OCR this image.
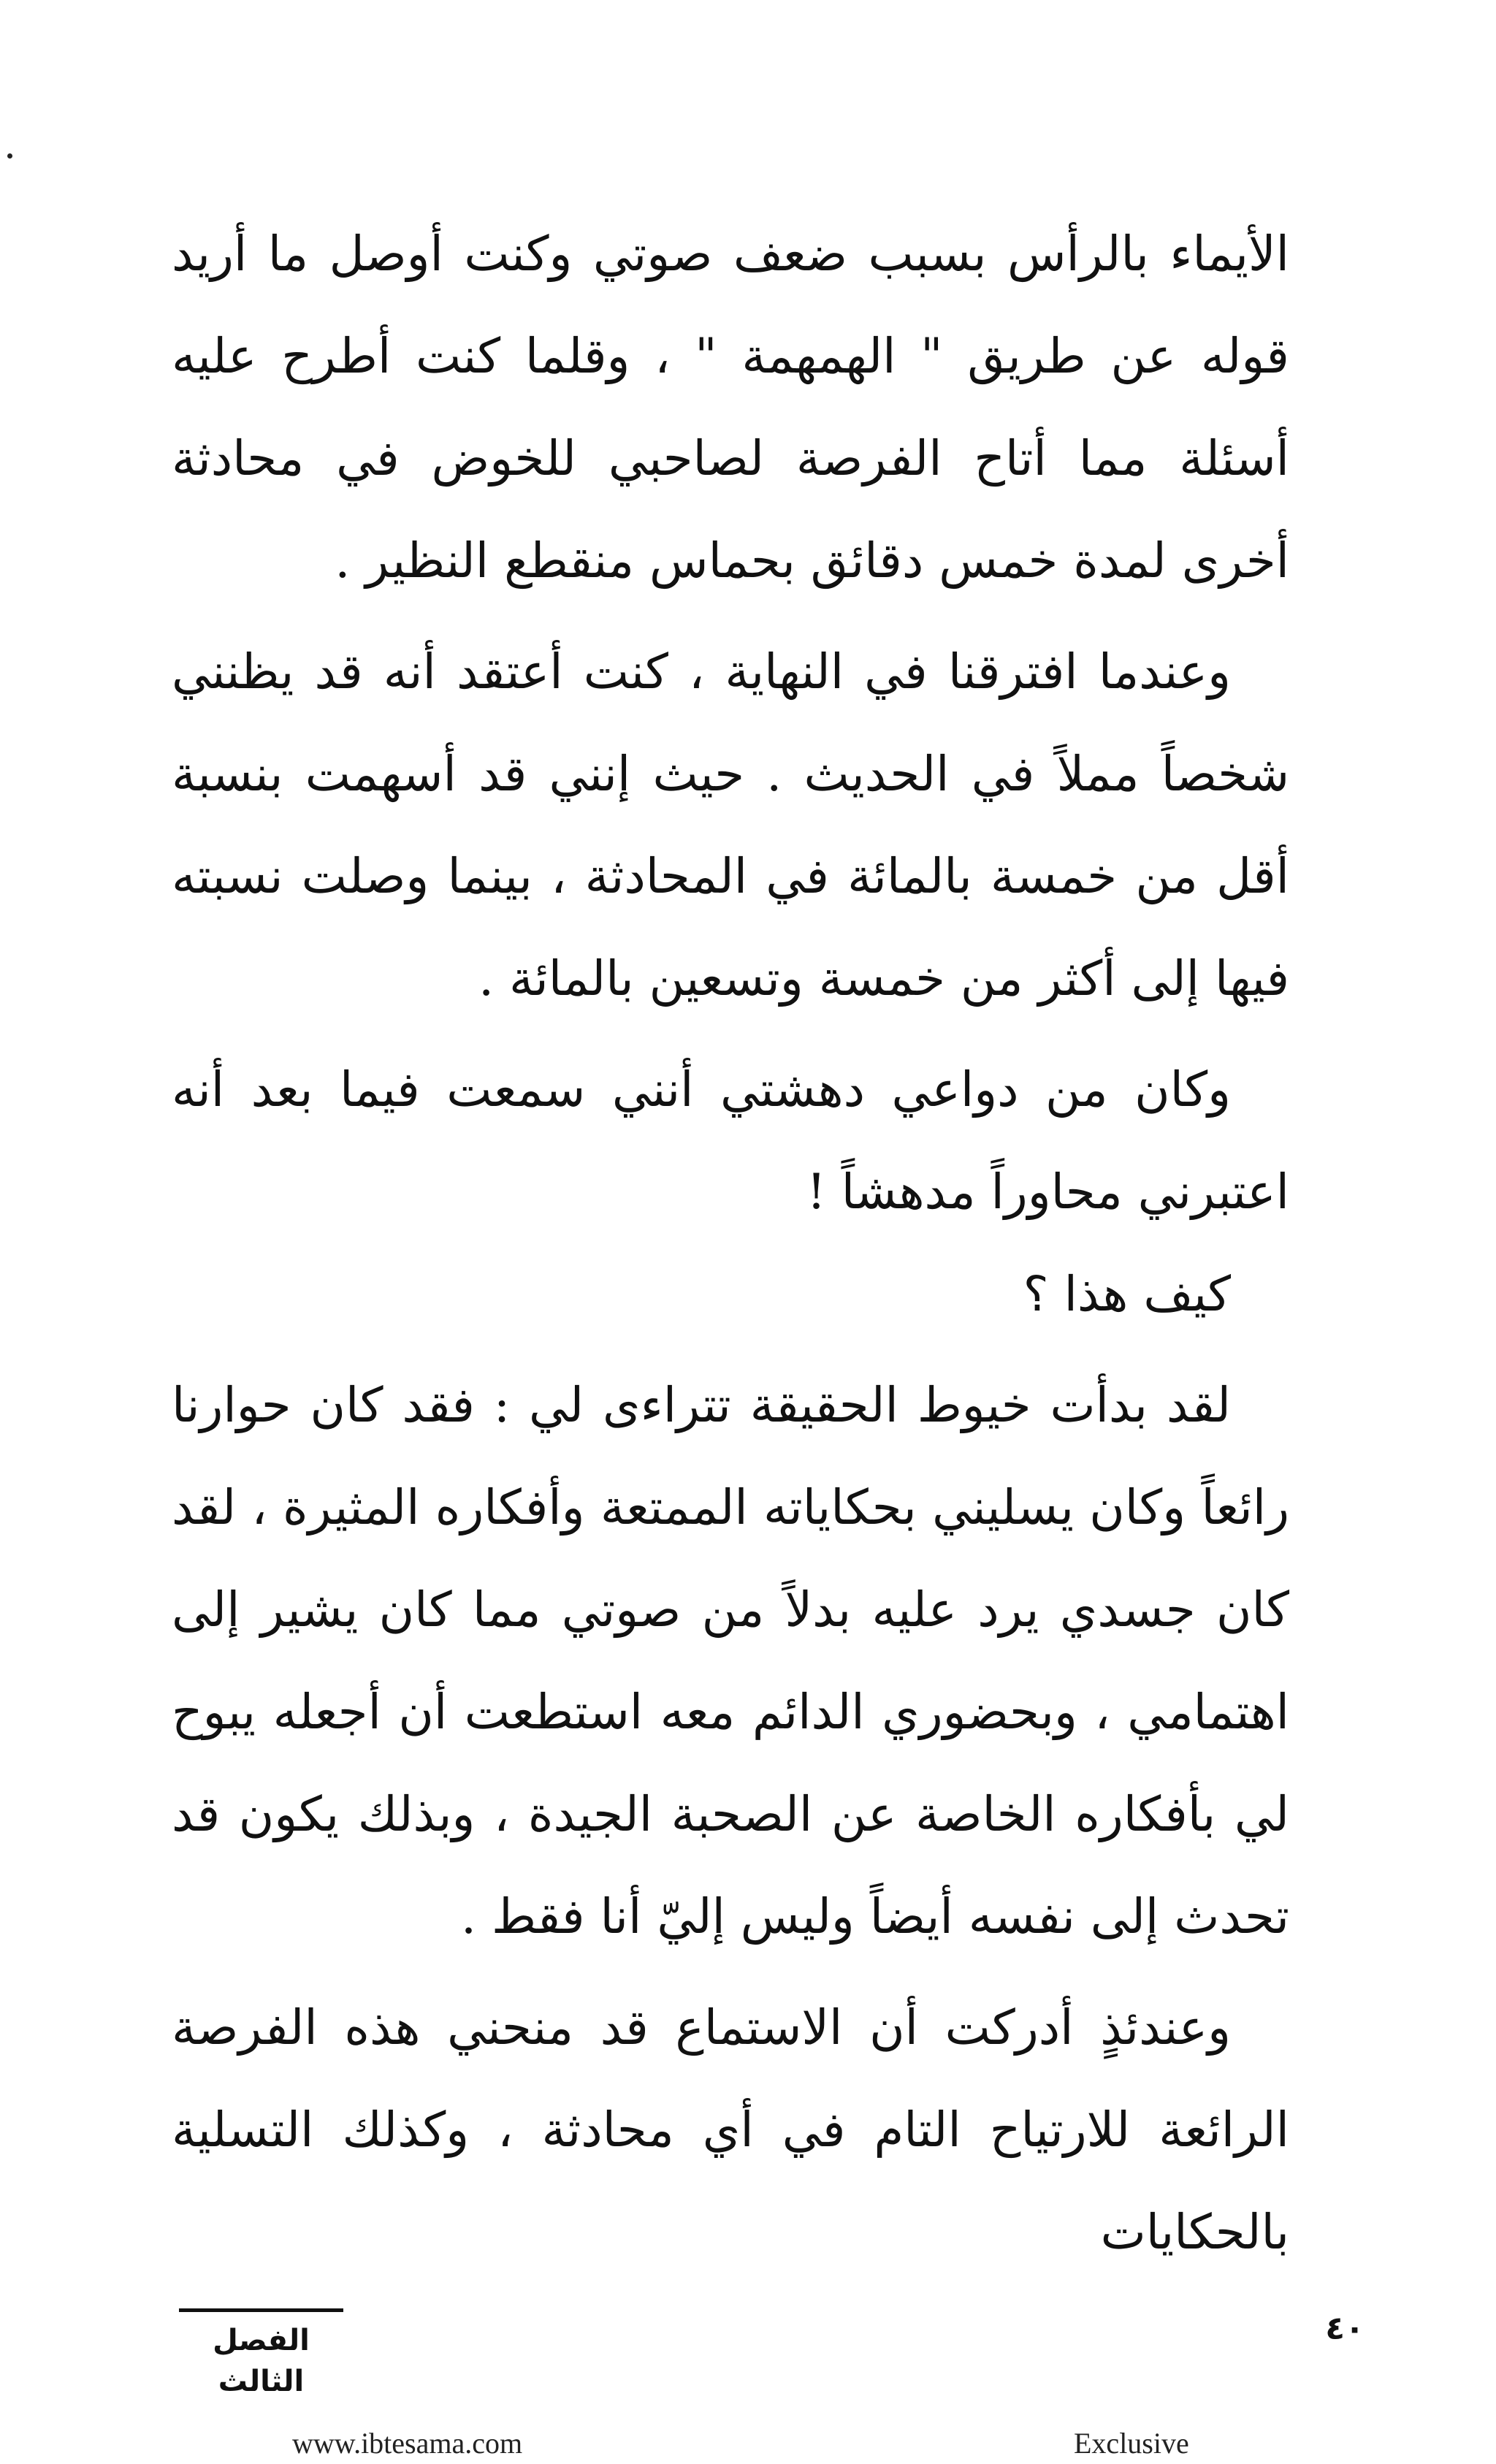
الأيماء بالرأس بسبب ضعف صوتي وكنت أوصل ما أريد قوله عن طريق " الهمهمة " ، وقلما كنت أطرح عليه أسئلة مما أتاح الفرصة لصاحبي للخوض في محادثة أخرى لمدة خمس دقائق بحماس منقطع النظير .

وعندما افترقنا في النهاية ، كنت أعتقد أنه قد يظنني شخصاً مملاً في الحديث . حيث إنني قد أسهمت بنسبة أقل من خمسة بالمائة في المحادثة ، بينما وصلت نسبته فيها إلى أكثر من خمسة وتسعين بالمائة .

وكان من دواعي دهشتي أنني سمعت فيما بعد أنه اعتبرني محاوراً مدهشاً !

كيف هذا ؟

لقد بدأت خيوط الحقيقة تتراءى لي : فقد كان حوارنا رائعاً وكان يسليني بحكاياته الممتعة وأفكاره المثيرة ، لقد كان جسدي يرد عليه بدلاً من صوتي مما كان يشير إلى اهتمامي ، وبحضوري الدائم معه استطعت أن أجعله يبوح لي بأفكاره الخاصة عن الصحبة الجيدة ، وبذلك يكون قد تحدث إلى نفسه أيضاً وليس إليّ أنا فقط .

وعندئذٍ أدركت أن الاستماع قد منحني هذه الفرصة الرائعة للارتياح التام في أي محادثة ، وكذلك التسلية بالحكايات

الفصل الثالث
٤٠
www.ibtesama.com	Exclusive
